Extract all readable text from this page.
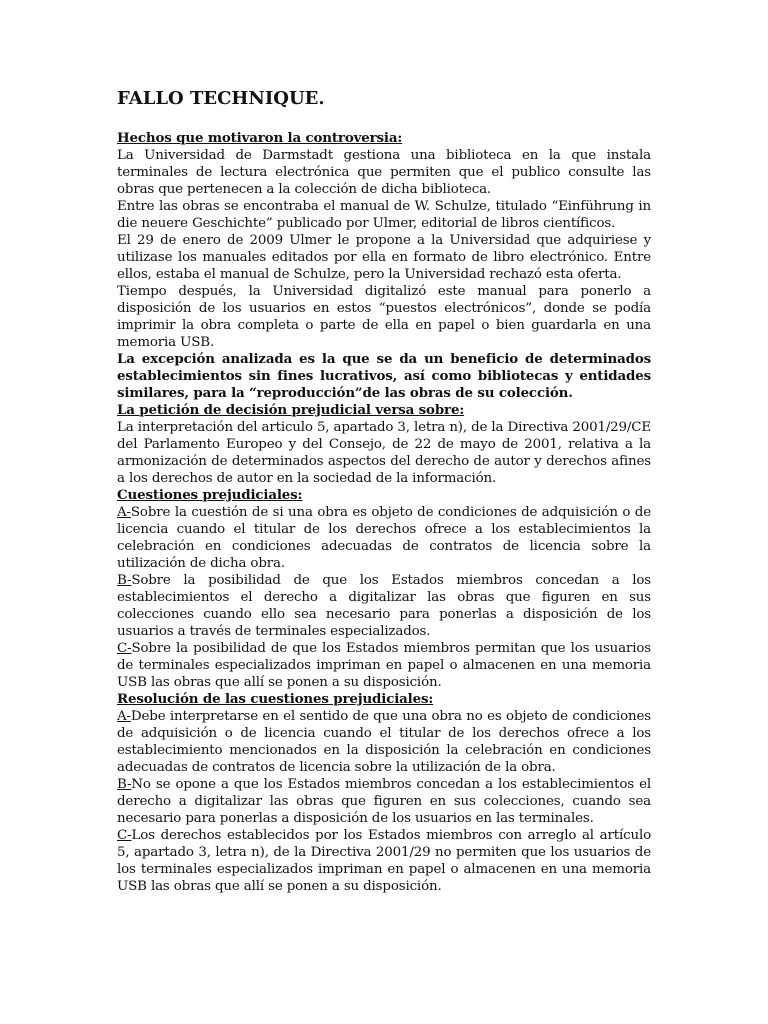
FALLO TECHNIQUE.
Hechos que motivaron la controversia:

La Universidad de Darmstadt gestiona una biblioteca en la que instala terminales de lectura electrónica que permiten que el publico consulte las obras que pertenecen a la colección de dicha biblioteca.

Entre las obras se encontraba el manual de W. Schulze, titulado “Einführung in die neuere Geschichte” publicado por Ulmer, editorial de libros científicos.

El 29 de enero de 2009 Ulmer le propone a la Universidad que adquiriese y utilizase los manuales editados por ella en formato de libro electrónico. Entre ellos, estaba el manual de Schulze, pero la Universidad rechazó esta oferta.

Tiempo después, la Universidad digitalizó este manual para ponerlo a disposición de los usuarios en estos “puestos electrónicos”, donde se podía imprimir la obra completa o parte de ella en papel o bien guardarla en una memoria USB.

La excepción analizada es la que se da un beneficio de determinados establecimientos sin fines lucrativos, así como bibliotecas y entidades similares, para la “reproducción”de las obras de su colección.

La petición de decisión prejudicial versa sobre:

La interpretación del articulo 5, apartado 3, letra n), de la Directiva 2001/29/CE del Parlamento Europeo y del Consejo, de 22 de mayo de 2001, relativa a la armonización de determinados aspectos del derecho de autor y derechos afines a los derechos de autor en la sociedad de la información.

Cuestiones prejudiciales:

A-Sobre la cuestión de si una obra es objeto de condiciones de adquisición o de licencia cuando el titular de los derechos ofrece a los establecimientos la celebración en condiciones adecuadas de contratos de licencia sobre la utilización de dicha obra.

B-Sobre la posibilidad de que los Estados miembros concedan a los establecimientos el derecho a digitalizar las obras que figuren en sus colecciones cuando ello sea necesario para ponerlas a disposición de los usuarios a través de terminales especializados.

C-Sobre la posibilidad de que los Estados miembros permitan que los usuarios de terminales especializados impriman en papel o almacenen en una memoria USB las obras que allí se ponen a su disposición.

Resolución de las cuestiones prejudiciales:

A-Debe interpretarse en el sentido de que una obra no es objeto de condiciones de adquisición o de licencia cuando el titular de los derechos ofrece a los establecimiento mencionados en la disposición la celebración en condiciones adecuadas de contratos de licencia sobre la utilización de la obra.

B-No se opone a que los Estados miembros concedan a los establecimientos el derecho a digitalizar las obras que figuren en sus colecciones, cuando sea necesario para ponerlas a disposición de los usuarios en las terminales.

C-Los derechos establecidos por los Estados miembros con arreglo al artículo 5, apartado 3, letra n), de la Directiva 2001/29 no permiten que los usuarios de los terminales especializados impriman en papel o almacenen en una memoria USB las obras que allí se ponen a su disposición.
